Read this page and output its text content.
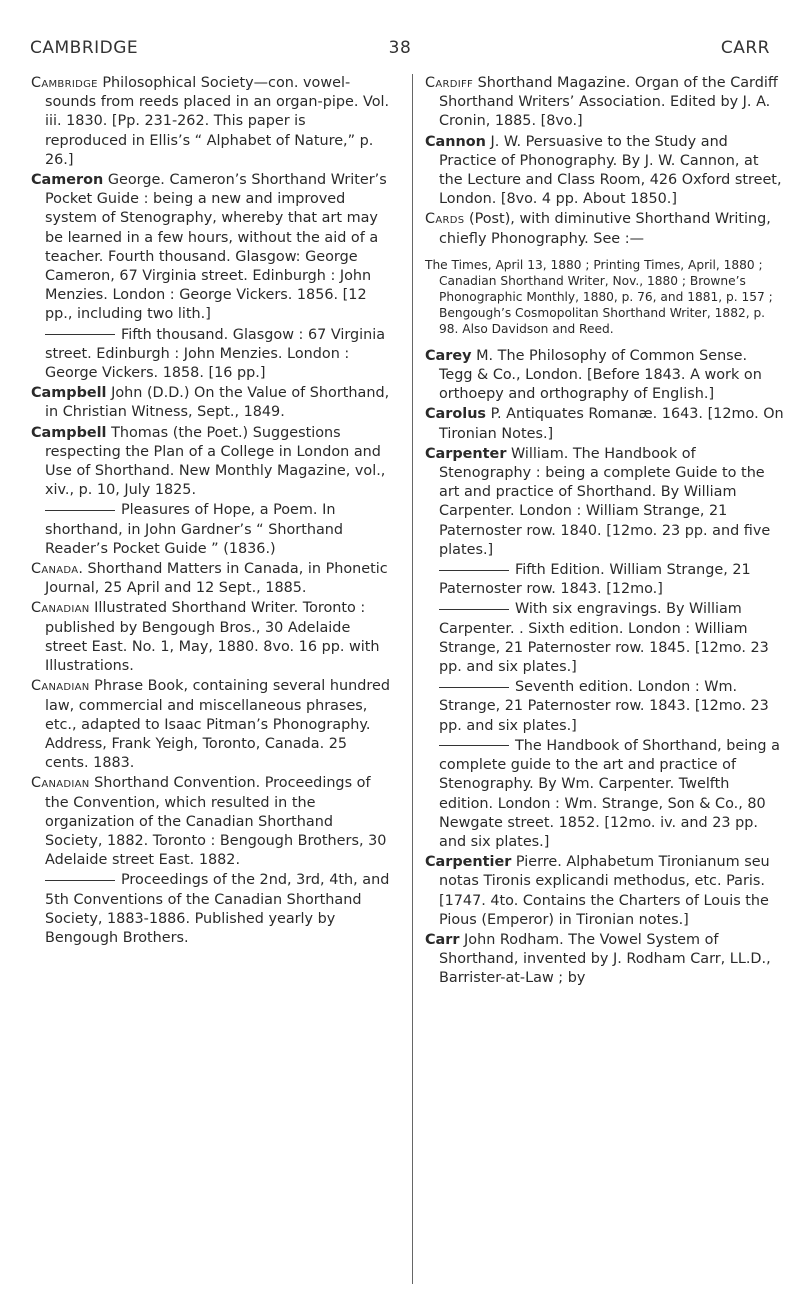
CAMBRIDGE	38	CARR
Cambridge Philosophical Society—con. vowel-sounds from reeds placed in an organ-pipe. Vol. iii. 1830. [Pp. 231-262. This paper is reproduced in Ellis’s “ Alphabet of Nature,” p. 26.]
Cameron George. Cameron’s Shorthand Writer’s Pocket Guide : being a new and improved system of Stenography, whereby that art may be learned in a few hours, without the aid of a teacher. Fourth thousand. Glasgow: George Cameron, 67 Virginia street. Edinburgh : John Menzies. London : George Vickers. 1856. [12 pp., including two lith.]
Fifth thousand. Glasgow : 67 Virginia street. Edinburgh : John Menzies. London : George Vickers. 1858. [16 pp.]
Campbell John (D.D.) On the Value of Shorthand, in Christian Witness, Sept., 1849.
Campbell Thomas (the Poet.) Suggestions respecting the Plan of a College in London and Use of Shorthand. New Monthly Magazine, vol., xiv., p. 10, July 1825.
Pleasures of Hope, a Poem. In shorthand, in John Gardner’s “ Shorthand Reader’s Pocket Guide ” (1836.)
Canada. Shorthand Matters in Canada, in Phonetic Journal, 25 April and 12 Sept., 1885.
Canadian Illustrated Shorthand Writer. Toronto : published by Bengough Bros., 30 Adelaide street East. No. 1, May, 1880. 8vo. 16 pp. with Illustrations.
Canadian Phrase Book, containing several hundred law, commercial and miscellaneous phrases, etc., adapted to Isaac Pitman’s Phonography. Address, Frank Yeigh, Toronto, Canada. 25 cents. 1883.
Canadian Shorthand Convention. Proceedings of the Convention, which resulted in the organization of the Canadian Shorthand Society, 1882. Toronto : Bengough Brothers, 30 Adelaide street East. 1882.
Proceedings of the 2nd, 3rd, 4th, and 5th Conventions of the Canadian Shorthand Society, 1883-1886. Published yearly by Bengough Brothers.
Cardiff Shorthand Magazine. Organ of the Cardiff Shorthand Writers’ Association. Edited by J. A. Cronin, 1885. [8vo.]
Cannon J. W. Persuasive to the Study and Practice of Phonography. By J. W. Cannon, at the Lecture and Class Room, 426 Oxford street, London. [8vo. 4 pp. About 1850.]
Cards (Post), with diminutive Shorthand Writing, chiefly Phonography. See :—
The Times, April 13, 1880 ; Printing Times, April, 1880 ; Canadian Shorthand Writer, Nov., 1880 ; Browne’s Phonographic Monthly, 1880, p. 76, and 1881, p. 157 ; Bengough’s Cosmopolitan Shorthand Writer, 1882, p. 98. Also Davidson and Reed.
Carey M. The Philosophy of Common Sense. Tegg & Co., London. [Before 1843. A work on orthoepy and orthography of English.]
Carolus P. Antiquates Romanæ. 1643. [12mo. On Tironian Notes.]
Carpenter William. The Handbook of Stenography : being a complete Guide to the art and practice of Shorthand. By William Carpenter. London : William Strange, 21 Paternoster row. 1840. [12mo. 23 pp. and five plates.]
Fifth Edition. William Strange, 21 Paternoster row. 1843. [12mo.]
With six engravings. By William Carpenter. . Sixth edition. London : William Strange, 21 Paternoster row. 1845. [12mo. 23 pp. and six plates.]
Seventh edition. London : Wm. Strange, 21 Paternoster row. 1843. [12mo. 23 pp. and six plates.]
The Handbook of Shorthand, being a complete guide to the art and practice of Stenography. By Wm. Carpenter. Twelfth edition. London : Wm. Strange, Son & Co., 80 Newgate street. 1852. [12mo. iv. and 23 pp. and six plates.]
Carpentier Pierre. Alphabetum Tironianum seu notas Tironis explicandi methodus, etc. Paris. [1747. 4to. Contains the Charters of Louis the Pious (Emperor) in Tironian notes.]
Carr John Rodham. The Vowel System of Shorthand, invented by J. Rodham Carr, LL.D., Barrister-at-Law ; by
